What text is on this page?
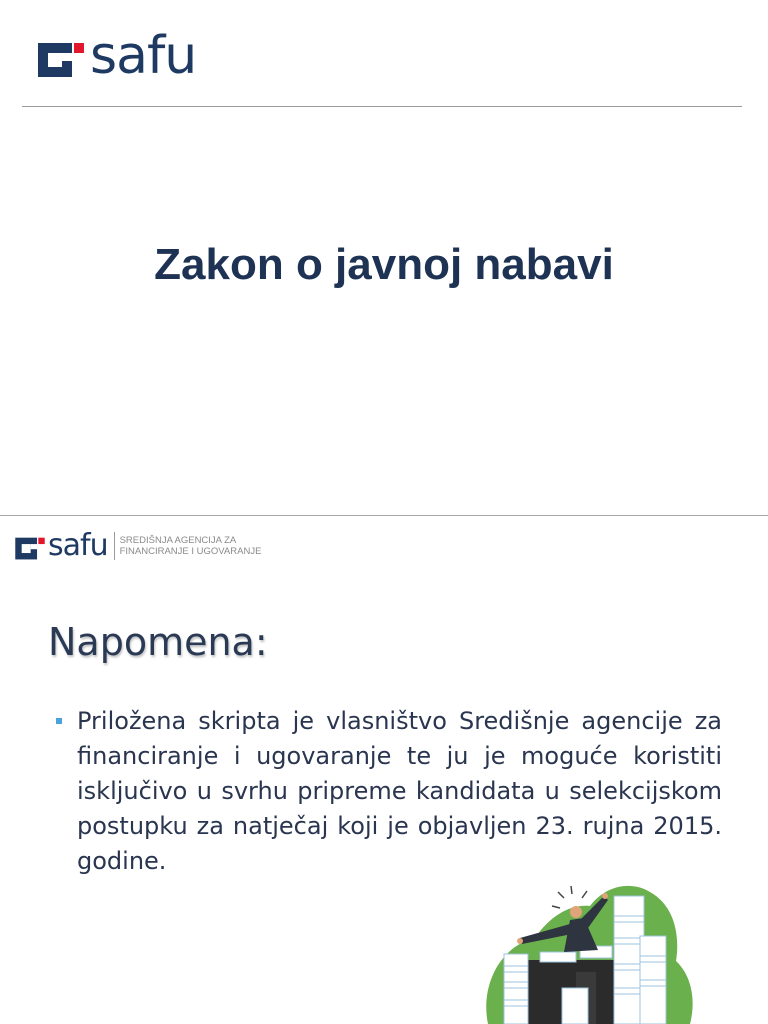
safu
Zakon o javnoj nabavi
safu SREDIŠNJA AGENCIJA ZA
FINANCIRANJE I UGOVARANJE
Napomena:
Priložena skripta je vlasništvo Središnje agencije za financiranje i ugovaranje te ju je moguće koristiti isključivo u svrhu pripreme kandidata u selekcijskom postupku za natječaj koji je objavljen 23. rujna 2015. godine.
